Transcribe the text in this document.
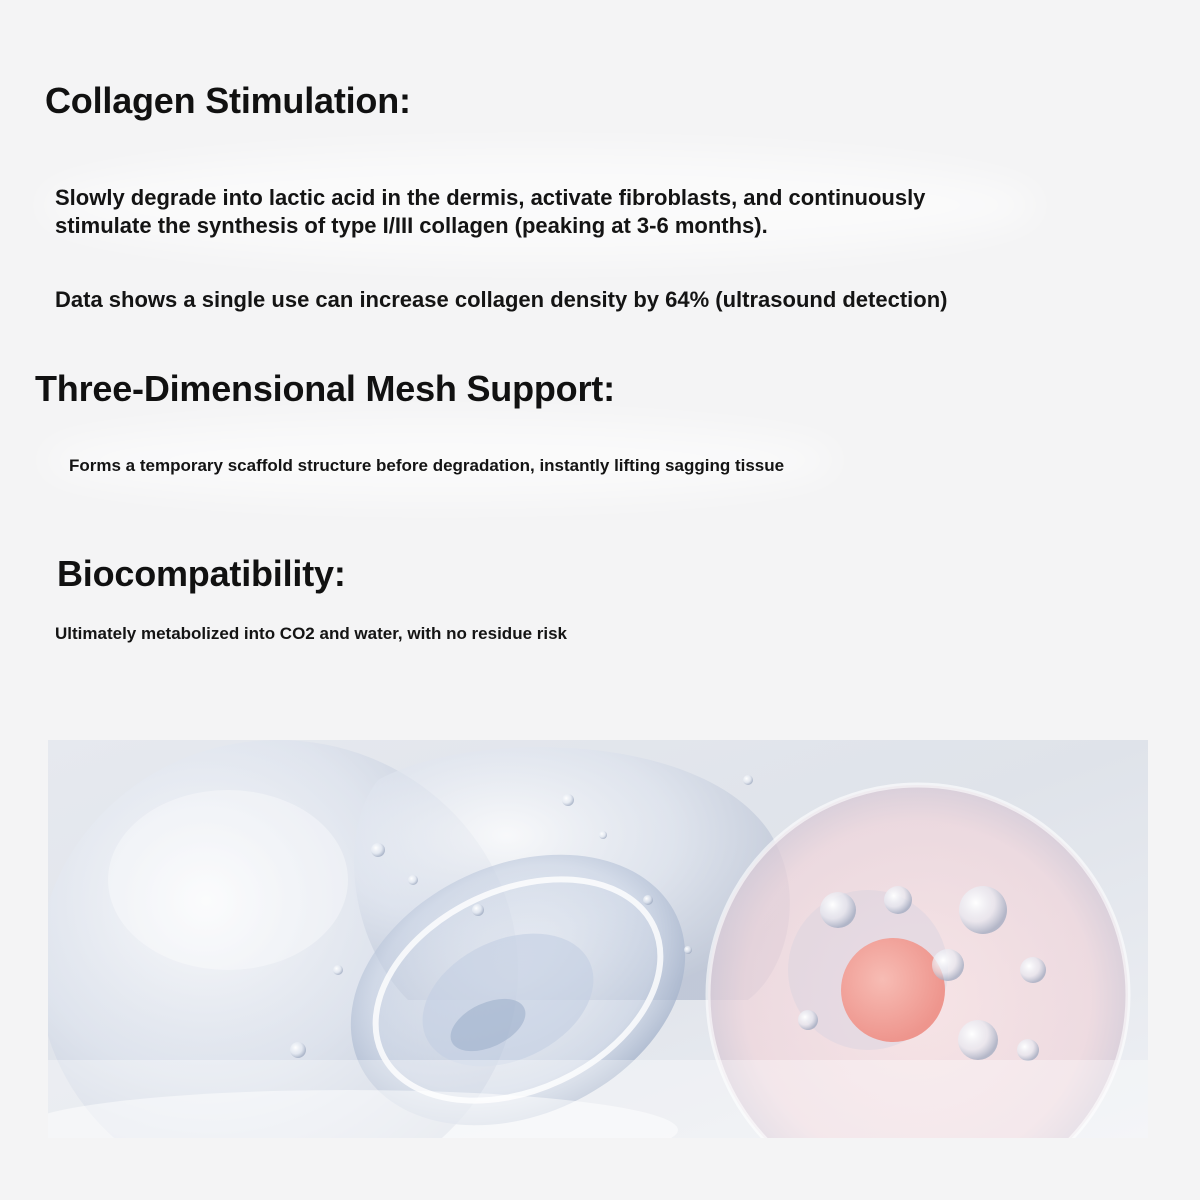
Collagen Stimulation:

Slowly degrade into lactic acid in the dermis, activate fibroblasts, and continuously

stimulate the synthesis of type I/III collagen (peaking at 3-6 months).

Data shows a single use can increase collagen density by 64% (ultrasound detection)

Three-Dimensional Mesh Support:

Forms a temporary scaffold structure before degradation, instantly lifting sagging tissue

Biocompatibility:

Ultimately metabolized into CO2 and water, with no residue risk
